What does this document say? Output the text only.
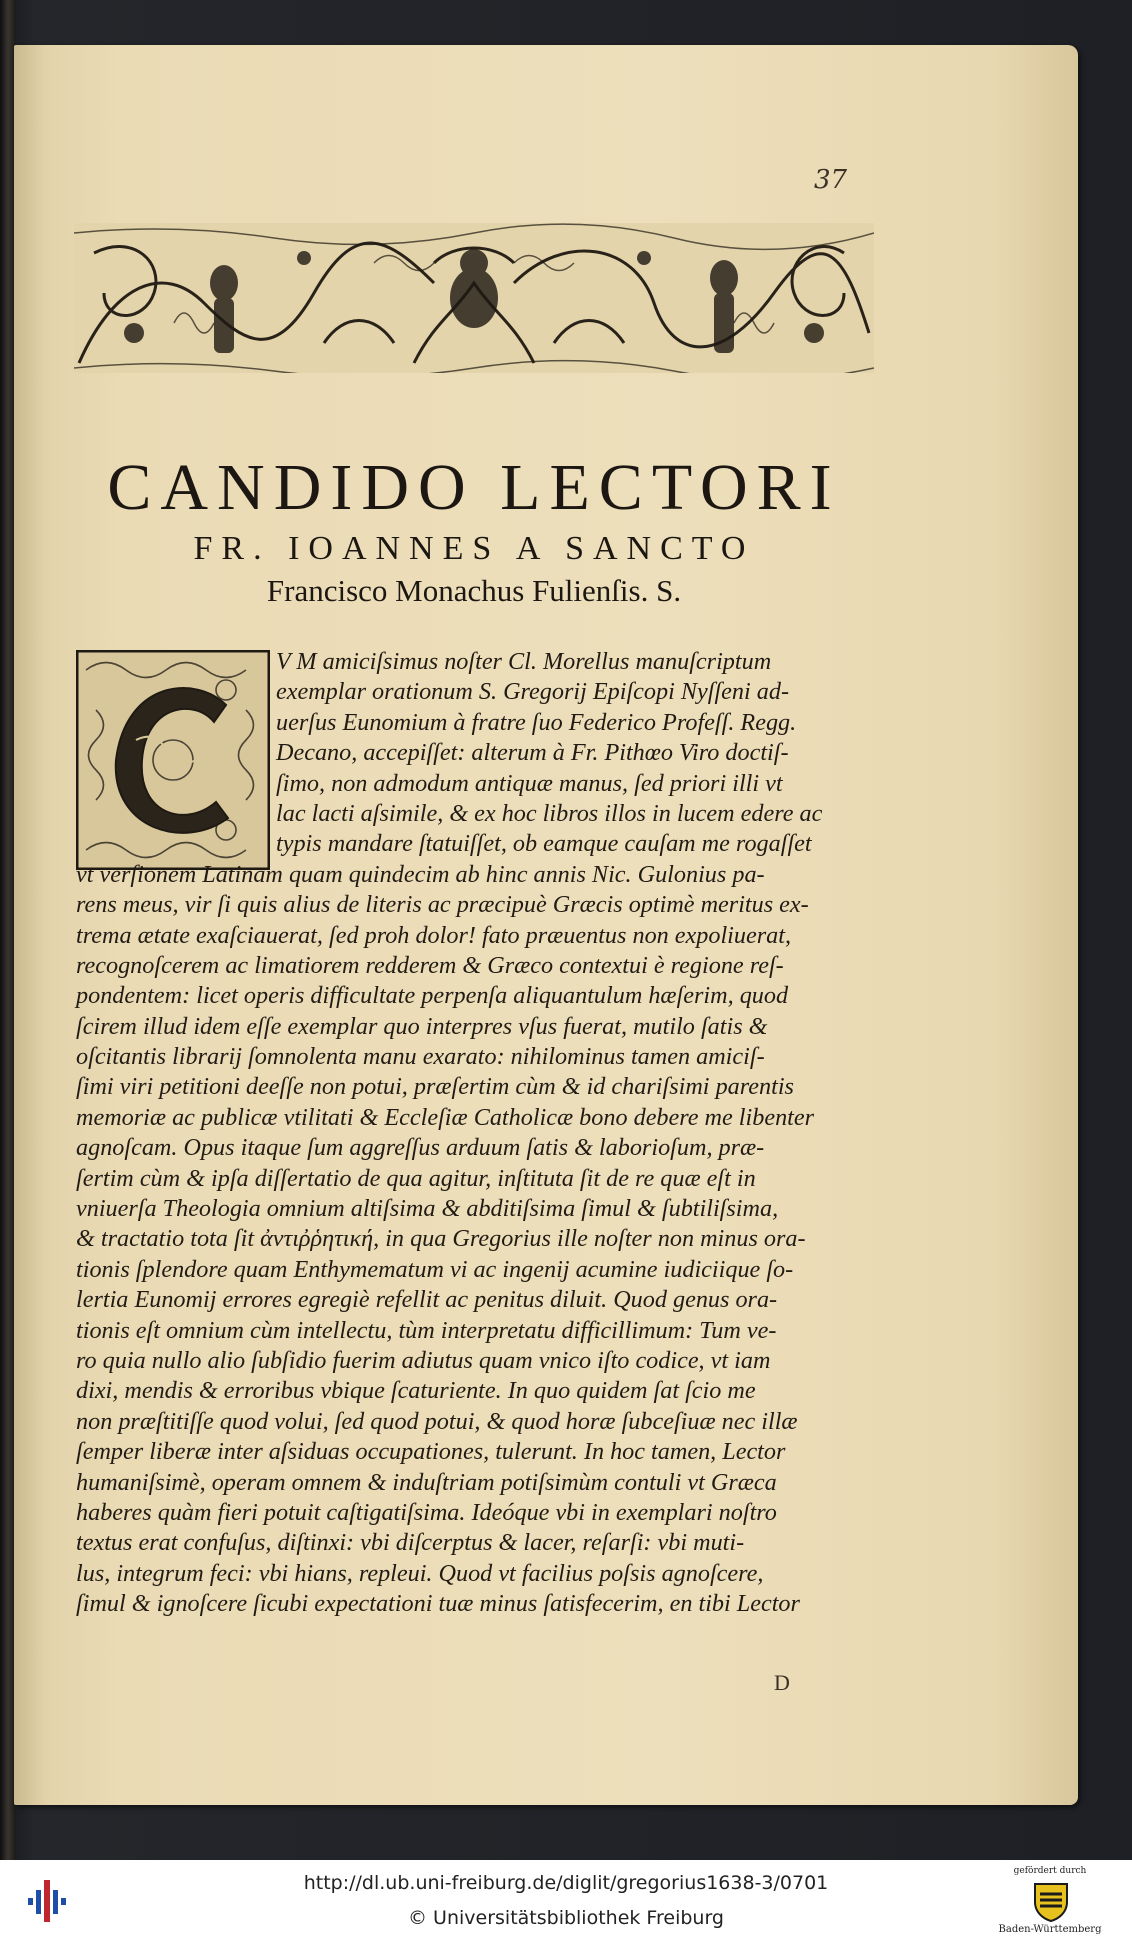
37
CANDIDO LECTORI
FR. IOANNES A SANCTO
Francisco Monachus Fulienſis. S.
V M amiciſsimus noſter Cl. Morellus manuſcriptum
exemplar orationum S. Gregorij Epiſcopi Nyſſeni ad-
uerſus Eunomium à fratre ſuo Federico Profeſſ. Regg.
Decano, accepiſſet: alterum à Fr. Pithœo Viro doctiſ-
ſimo, non admodum antiquæ manus, ſed priori illi vt
lac lacti aſsimile, & ex hoc libros illos in lucem edere ac
typis mandare ſtatuiſſet, ob eamque cauſam me rogaſſet
vt verſionem Latinam quam quindecim ab hinc annis Nic. Gulonius pa-
rens meus, vir ſi quis alius de literis ac præcipuè Græcis optimè meritus ex-
trema ætate exaſciauerat, ſed proh dolor! fato præuentus non expoliuerat,
recognoſcerem ac limatiorem redderem & Græco contextui è regione reſ-
pondentem: licet operis difficultate perpenſa aliquantulum hæſerim, quod
ſcirem illud idem eſſe exemplar quo interpres vſus fuerat, mutilo ſatis &
oſcitantis librarij ſomnolenta manu exarato: nihilominus tamen amiciſ-
ſimi viri petitioni deeſſe non potui, præſertim cùm & id chariſsimi parentis
memoriæ ac publicæ vtilitati & Eccleſiæ Catholicæ bono debere me libenter
agnoſcam. Opus itaque ſum aggreſſus arduum ſatis & laborioſum, præ-
ſertim cùm & ipſa diſſertatio de qua agitur, inſtituta ſit de re quæ eſt in
vniuerſa Theologia omnium altiſsima & abditiſsima ſimul & ſubtiliſsima,
& tractatio tota ſit ἀντιῤῥητική, in qua Gregorius ille noſter non minus ora-
tionis ſplendore quam Enthymematum vi ac ingenij acumine iudiciique ſo-
lertia Eunomij errores egregiè refellit ac penitus diluit. Quod genus ora-
tionis eſt omnium cùm intellectu, tùm interpretatu difficillimum: Tum ve-
ro quia nullo alio ſubſidio fuerim adiutus quam vnico iſto codice, vt iam
dixi, mendis & erroribus vbique ſcaturiente. In quo quidem ſat ſcio me
non præſtitiſſe quod volui, ſed quod potui, & quod horæ ſubceſiuæ nec illæ
ſemper liberæ inter aſsiduas occupationes, tulerunt. In hoc tamen, Lector
humaniſsimè, operam omnem & induſtriam potiſsimùm contuli vt Græca
haberes quàm fieri potuit caſtigatiſsima. Ideóque vbi in exemplari noſtro
textus erat confuſus, diſtinxi: vbi diſcerptus & lacer, reſarſi: vbi muti-
lus, integrum feci: vbi hians, repleui. Quod vt facilius poſsis agnoſcere,
ſimul & ignoſcere ſicubi expectationi tuæ minus ſatisfecerim, en tibi Lector
D
http://dl.ub.uni-freiburg.de/diglit/gregorius1638-3/0701
© Universitätsbibliothek Freiburg
gefördert durch
Baden-Württemberg
